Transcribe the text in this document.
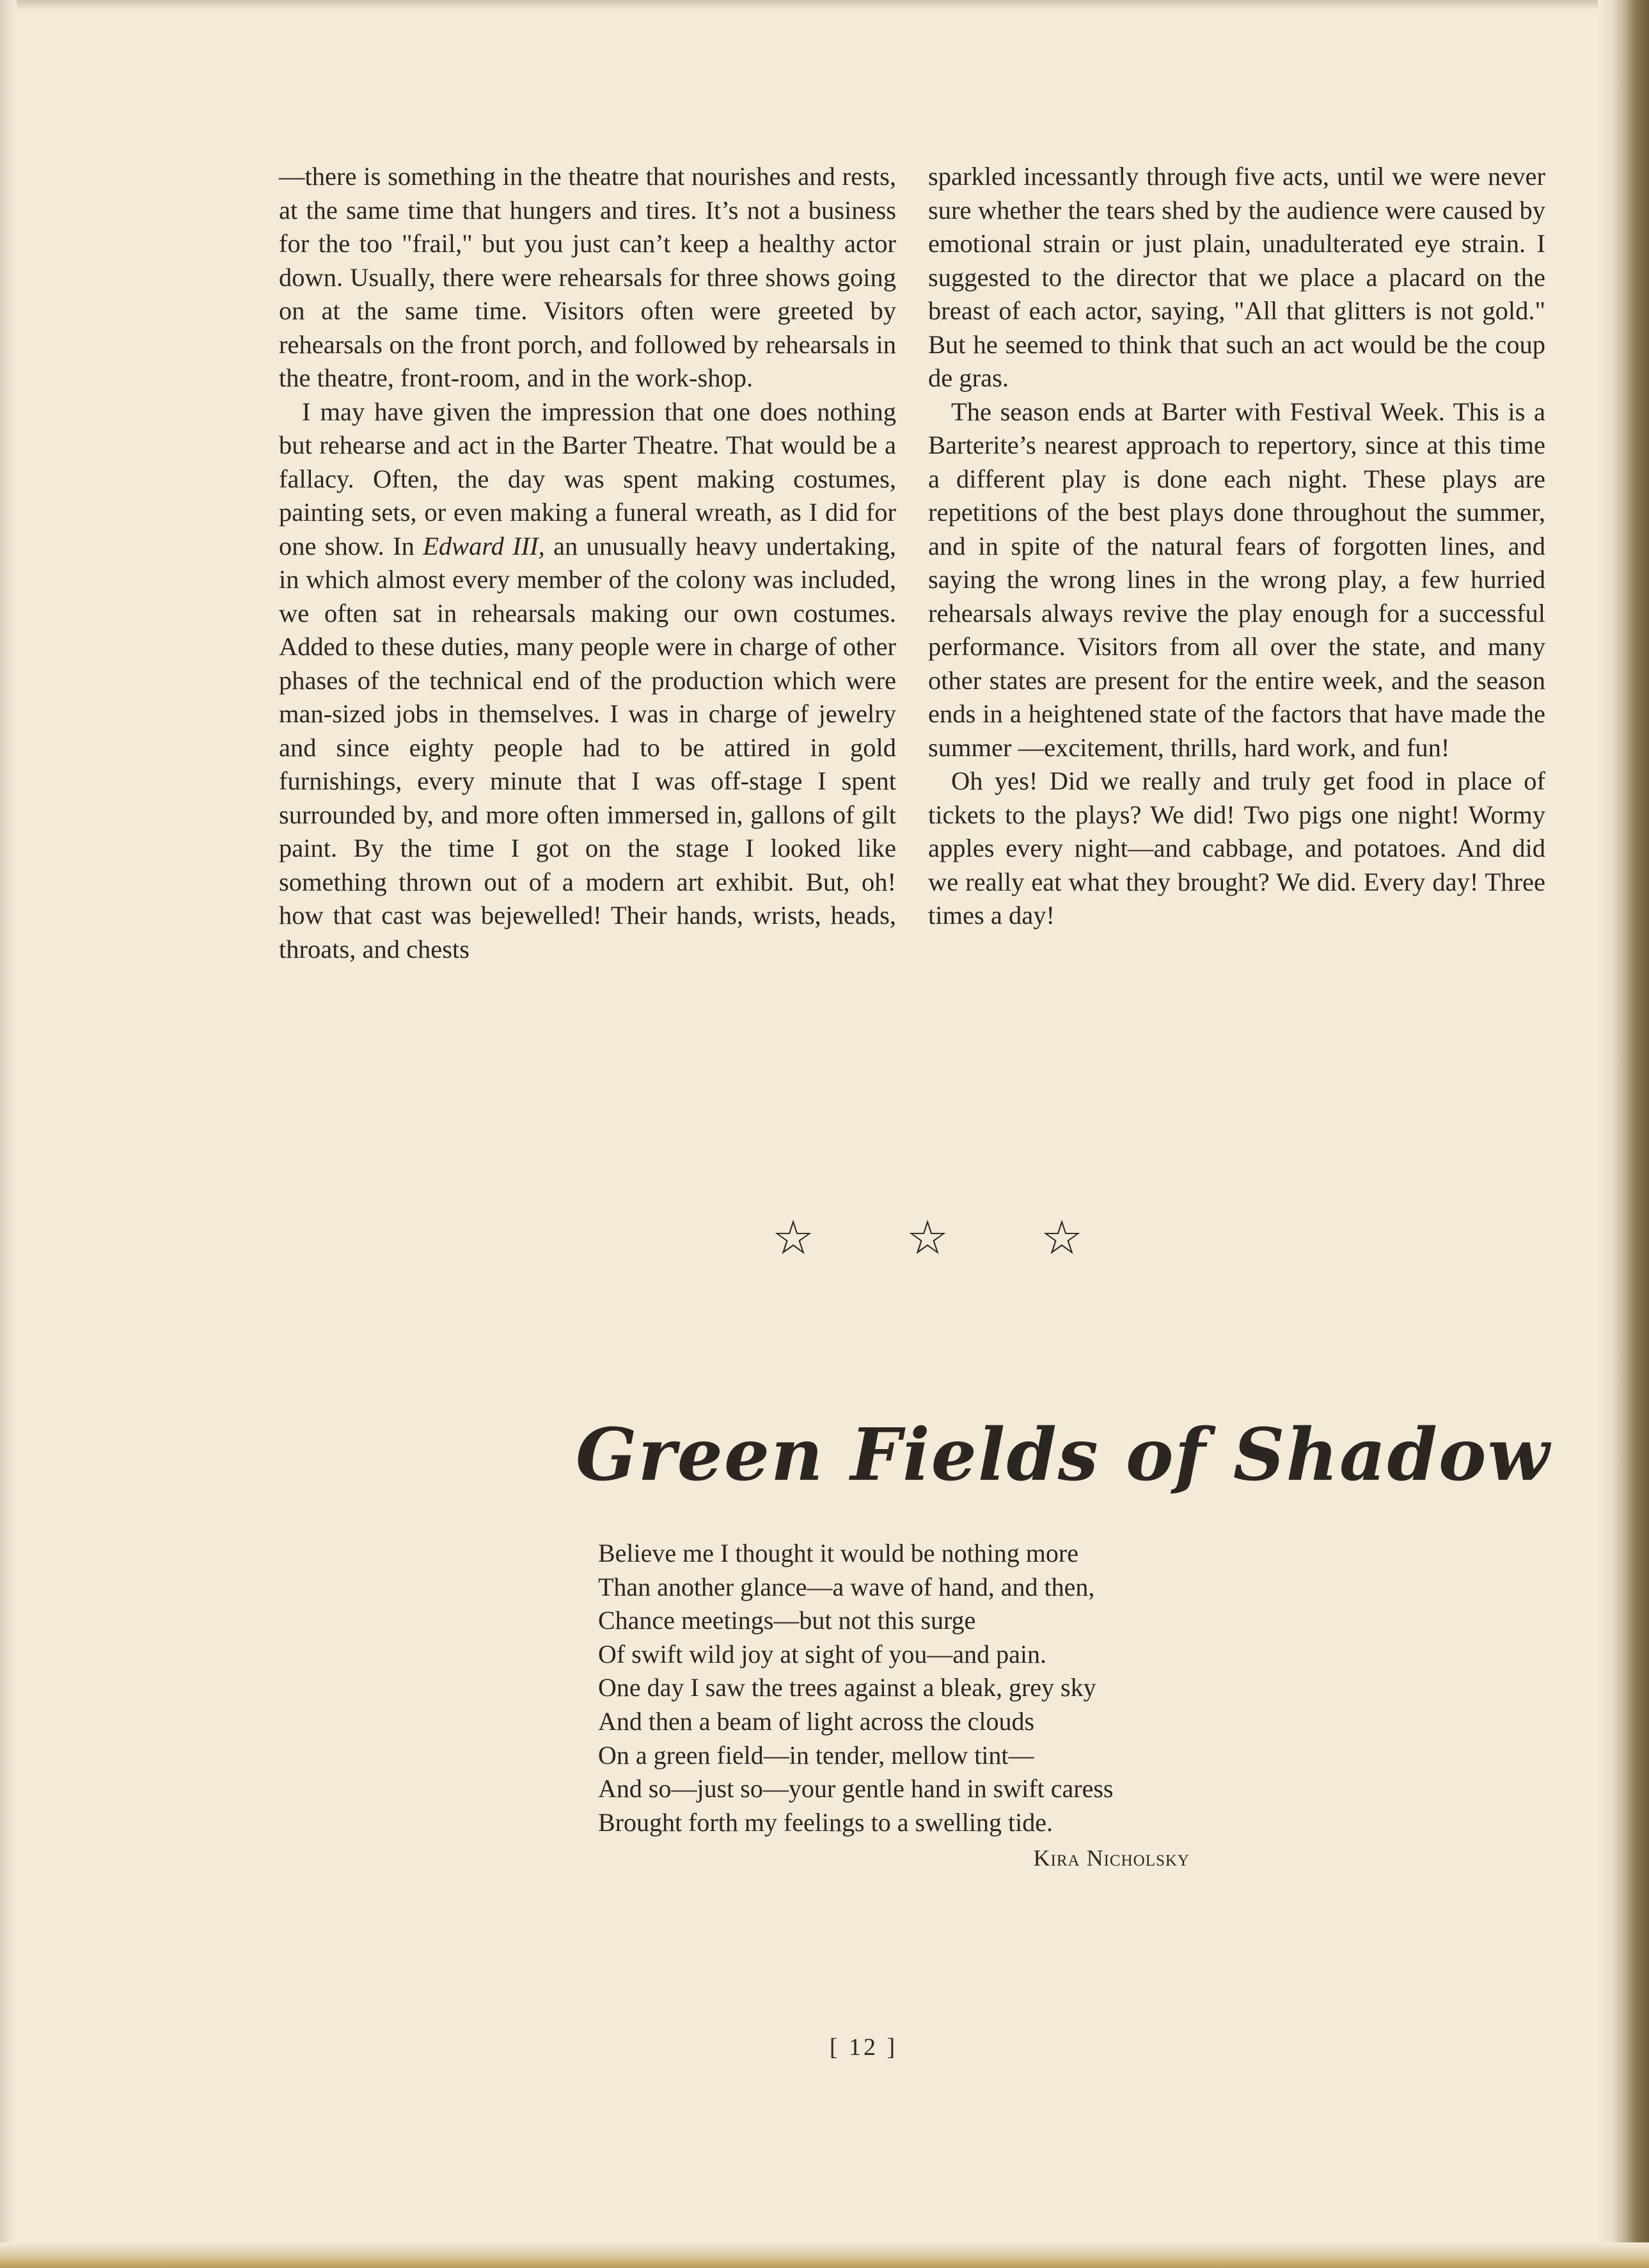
—there is something in the theatre that nourishes and rests, at the same time that hungers and tires. It’s not a business for the too "frail," but you just can’t keep a healthy actor down. Usually, there were rehearsals for three shows going on at the same time. Visitors often were greeted by rehearsals on the front porch, and followed by rehearsals in the theatre, front-room, and in the work-shop.

I may have given the impression that one does nothing but rehearse and act in the Barter Theatre. That would be a fallacy. Often, the day was spent making costumes, painting sets, or even making a funeral wreath, as I did for one show. In Edward III, an unusually heavy undertaking, in which almost every member of the colony was included, we often sat in rehearsals making our own costumes. Added to these duties, many people were in charge of other phases of the technical end of the production which were man-sized jobs in themselves. I was in charge of jewelry and since eighty people had to be attired in gold furnishings, every minute that I was off-stage I spent surrounded by, and more often immersed in, gallons of gilt paint. By the time I got on the stage I looked like something thrown out of a modern art exhibit. But, oh! how that cast was bejewelled! Their hands, wrists, heads, throats, and chests

sparkled incessantly through five acts, until we were never sure whether the tears shed by the audience were caused by emotional strain or just plain, unadulterated eye strain. I suggested to the director that we place a placard on the breast of each actor, saying, "All that glitters is not gold." But he seemed to think that such an act would be the coup de gras.

The season ends at Barter with Festival Week. This is a Barterite’s nearest approach to repertory, since at this time a different play is done each night. These plays are repetitions of the best plays done throughout the summer, and in spite of the natural fears of forgotten lines, and saying the wrong lines in the wrong play, a few hurried rehearsals always revive the play enough for a successful performance. Visitors from all over the state, and many other states are present for the entire week, and the season ends in a heightened state of the factors that have made the summer —excitement, thrills, hard work, and fun!

Oh yes! Did we really and truly get food in place of tickets to the plays? We did! Two pigs one night! Wormy apples every night—and cabbage, and potatoes. And did we really eat what they brought? We did. Every day! Three times a day!

☆ ☆ ☆
Green Fields of Shadow
Believe me I thought it would be nothing more
Than another glance—a wave of hand, and then,
Chance meetings—but not this surge
Of swift wild joy at sight of you—and pain.
One day I saw the trees against a bleak, grey sky
And then a beam of light across the clouds
On a green field—in tender, mellow tint—
And so—just so—your gentle hand in swift caress
Brought forth my feelings to a swelling tide.
Kira Nicholsky
[ 12 ]
